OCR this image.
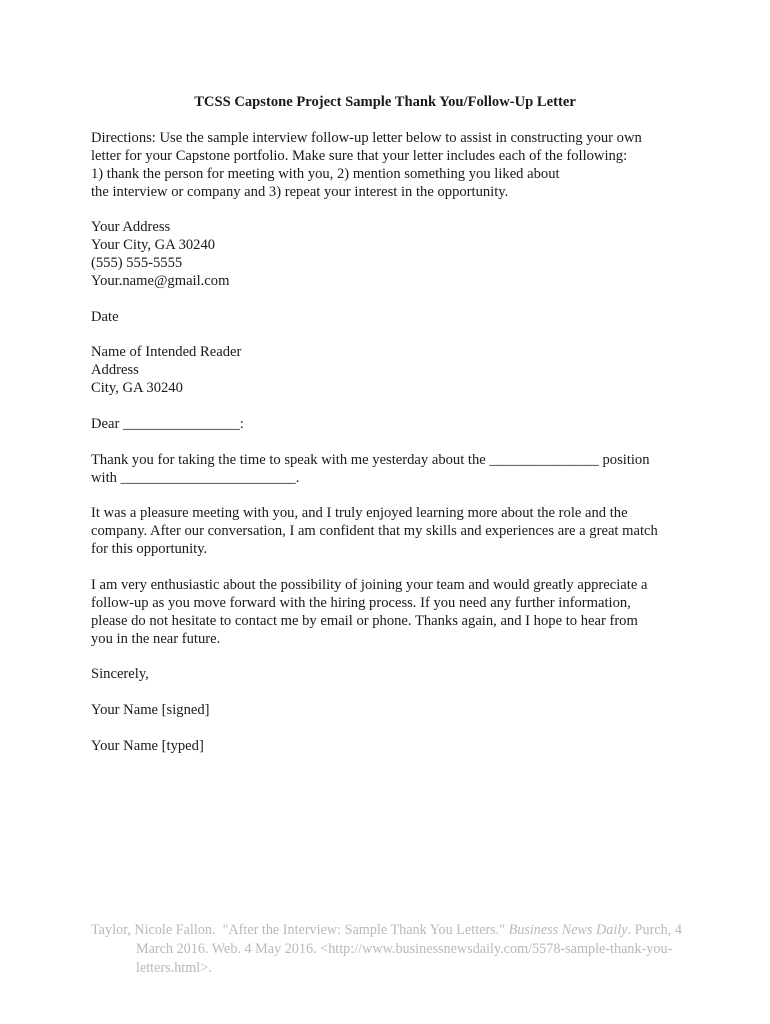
TCSS Capstone Project Sample Thank You/Follow-Up Letter
Directions: Use the sample interview follow-up letter below to assist in constructing your own
letter for your Capstone portfolio. Make sure that your letter includes each of the following:
1) thank the person for meeting with you, 2) mention something you liked about
the interview or company and 3) repeat your interest in the opportunity.
Your Address
Your City, GA 30240
(555) 555-5555
Your.name@gmail.com
Date
Name of Intended Reader
Address
City, GA 30240
Dear ________________:
Thank you for taking the time to speak with me yesterday about the _______________ position
with ________________________.
It was a pleasure meeting with you, and I truly enjoyed learning more about the role and the
company. After our conversation, I am confident that my skills and experiences are a great match
for this opportunity.
I am very enthusiastic about the possibility of joining your team and would greatly appreciate a
follow-up as you move forward with the hiring process. If you need any further information,
please do not hesitate to contact me by email or phone. Thanks again, and I hope to hear from
you in the near future.
Sincerely,
Your Name [signed]
Your Name [typed]
Taylor, Nicole Fallon.  "After the Interview: Sample Thank You Letters." Business News Daily. Purch, 4
March 2016. Web. 4 May 2016. <http://www.businessnewsdaily.com/5578-sample-thank-you-
letters.html>.
